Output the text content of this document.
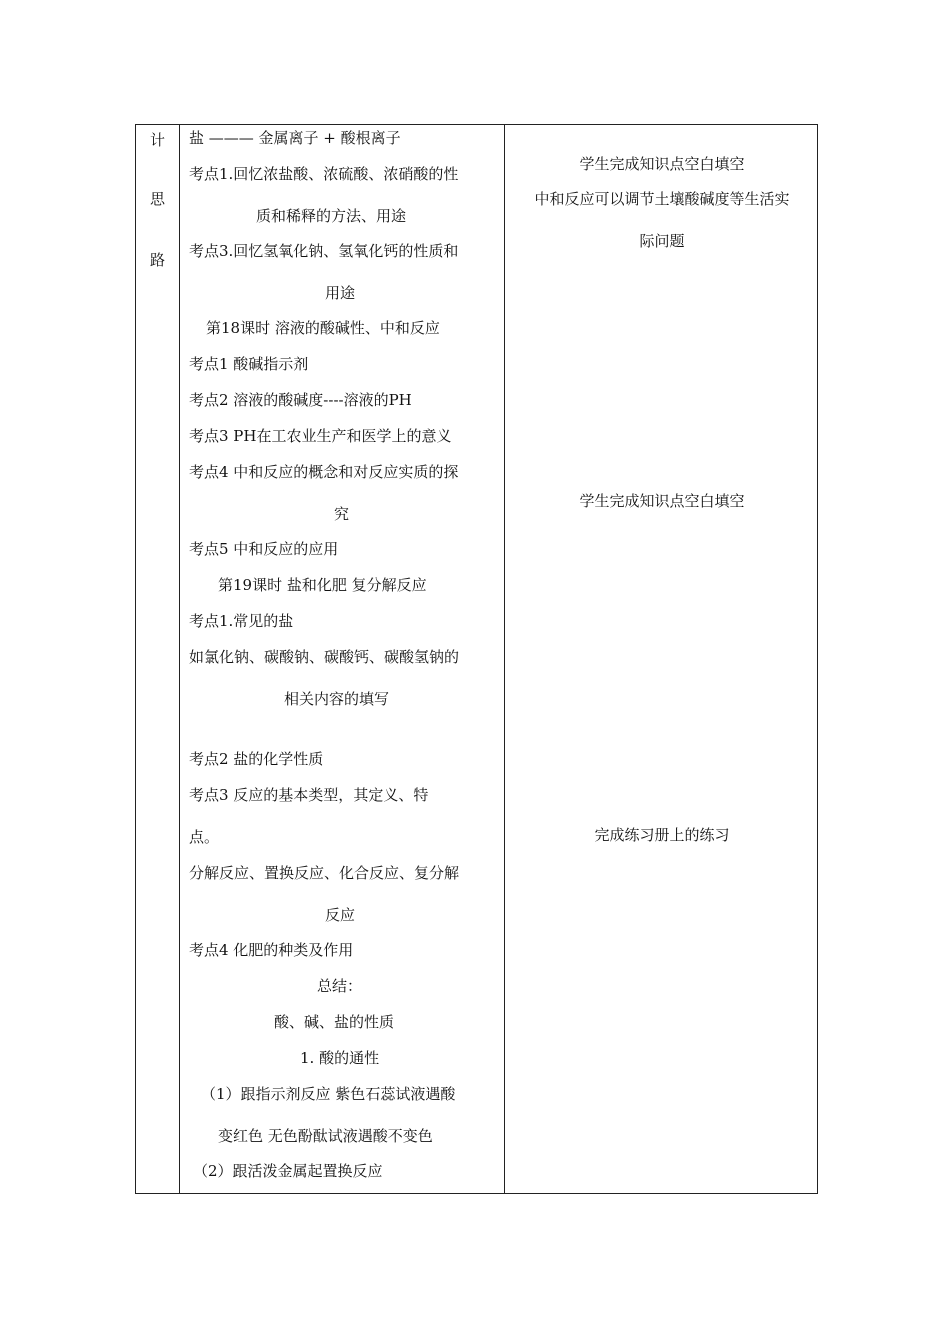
计
思
路
盐 ——— 金属离子 + 酸根离子
考点1.回忆浓盐酸、浓硫酸、浓硝酸的性
质和稀释的方法、用途
考点3.回忆氢氧化钠、氢氧化钙的性质和
用途
第18课时 溶液的酸碱性、中和反应
考点1 酸碱指示剂
考点2 溶液的酸碱度----溶液的PH
考点3 PH在工农业生产和医学上的意义
考点4 中和反应的概念和对反应实质的探
究
考点5 中和反应的应用
第19课时 盐和化肥 复分解反应
考点1.常见的盐
如氯化钠、碳酸钠、碳酸钙、碳酸氢钠的
相关内容的填写
考点2 盐的化学性质
考点3 反应的基本类型，其定义、特
点。
分解反应、置换反应、化合反应、复分解
反应
考点4 化肥的种类及作用
总结：
酸、碱、盐的性质
1. 酸的通性
（1）跟指示剂反应 紫色石蕊试液遇酸
变红色 无色酚酞试液遇酸不变色
（2）跟活泼金属起置换反应
学生完成知识点空白填空
中和反应可以调节土壤酸碱度等生活实
际问题
学生完成知识点空白填空
完成练习册上的练习
